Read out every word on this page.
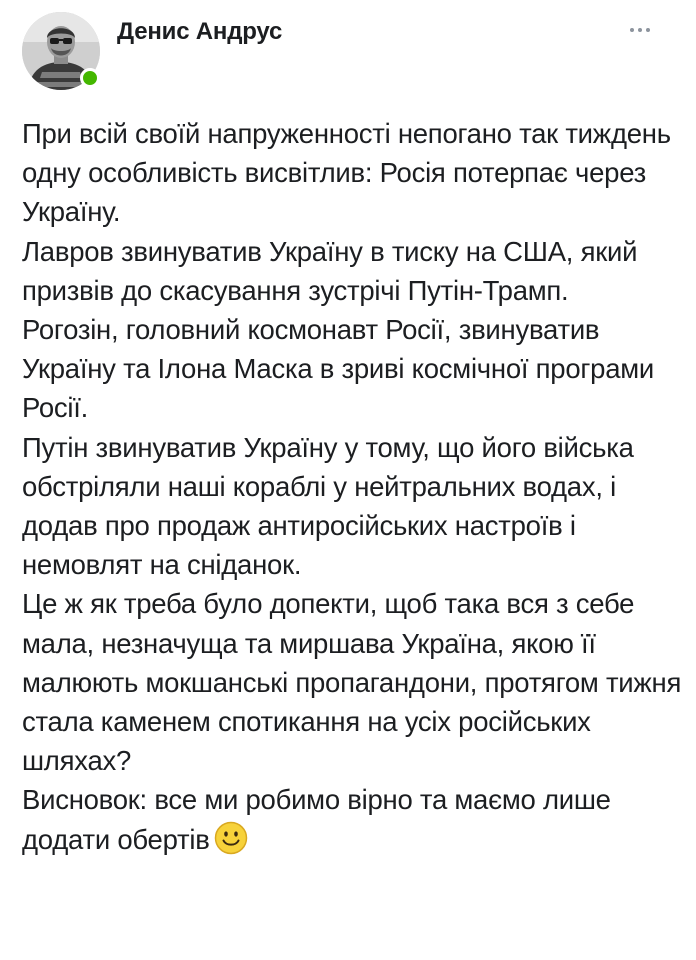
Денис Андрус

При всій своїй напруженності непогано так тиждень одну особливість висвітлив: Росія потерпає через Україну.

Лавров звинуватив Україну в тиску на США, який призвів до скасування зустрічі Путін-Трамп.

Рогозін, головний космонавт Росії, звинуватив Україну та Ілона Маска в зриві космічної програми Росії.

Путін звинуватив Україну у тому, що його війська обстріляли наші кораблі у нейтральних водах, і додав про продаж антиросійських настроїв і немовлят на сніданок.

Це ж як треба було допекти, щоб така вся з себе мала, незначуща та миршава Україна, якою її малюють мокшанські пропагандони, протягом тижня стала каменем спотикання на усіх російських шляхах?

Висновок: все ми робимо вірно та маємо лише додати обертів
